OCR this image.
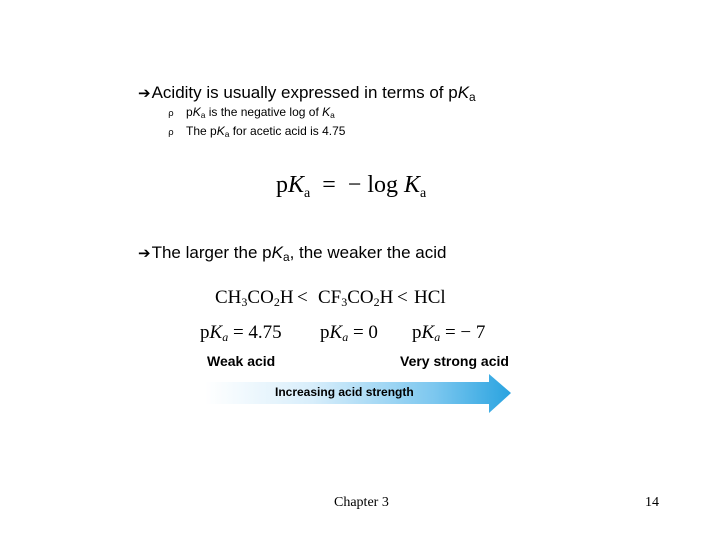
➔Acidity is usually expressed in terms of $pK_a$
ρ $pK_a$ is the negative log of $K_a$
ρ The $pK_a$ for acetic acid is 4.75
$pK_a$ = − $\log K_a$
➔The larger the $pK_a$, the weaker the acid
$CH_3CO_2H < CF_3CO_2H$ < HCl
$pK_a = 4.75$ $pK_a = 0$ $pK_a$ = − 7
Weak acid	Very strong acid
Increasing acid strength
Chapter 3	14
